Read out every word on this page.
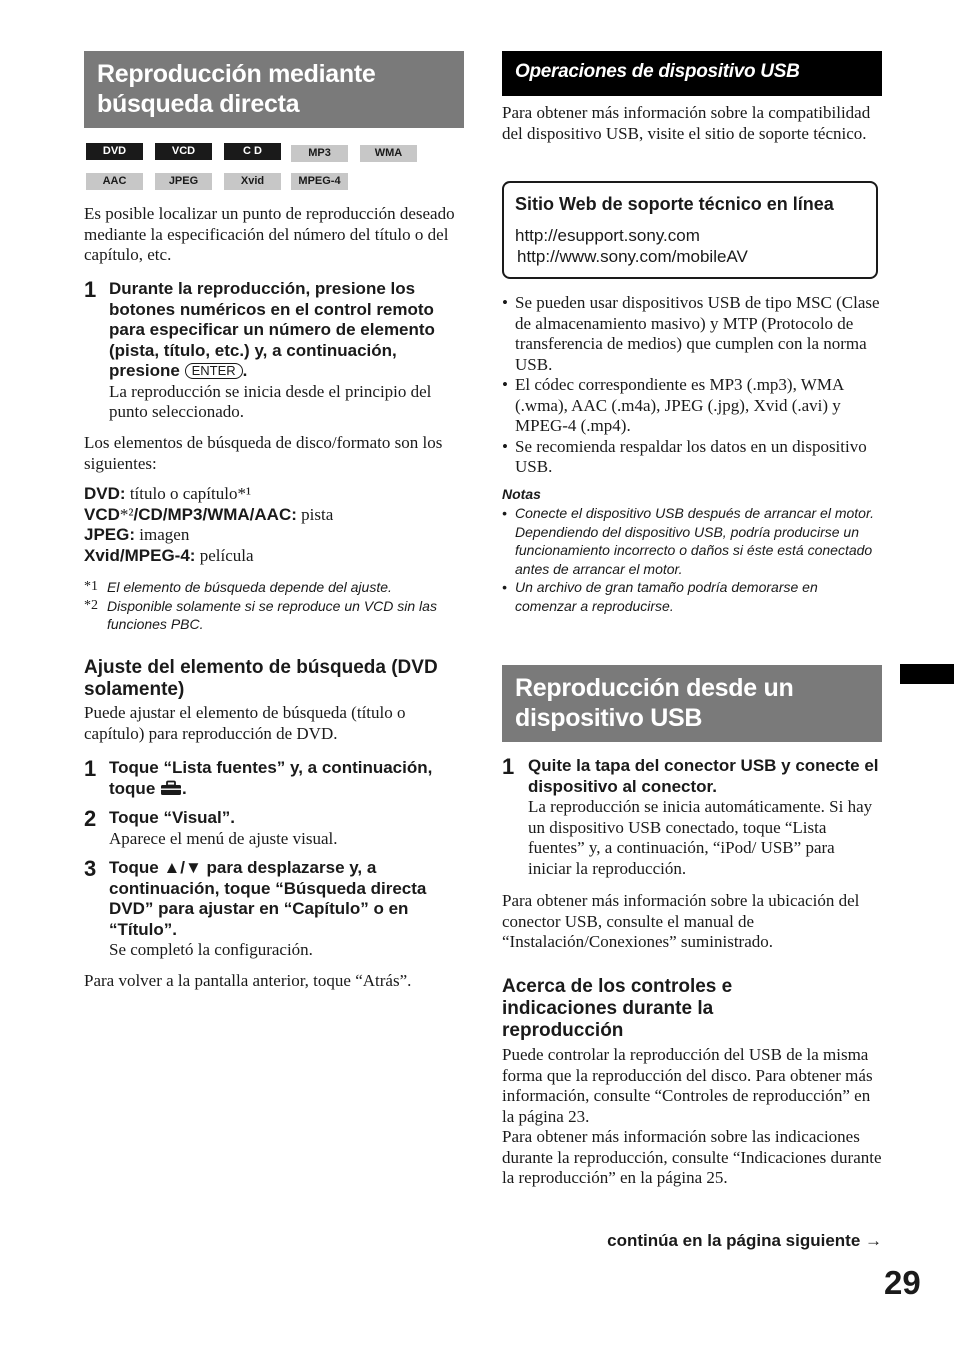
Reproducción mediante
búsqueda directa
DVD	VCD	C D	MP3	WMA
AAC	JPEG	Xvid	MPEG-4

Es posible localizar un punto de reproducción deseado mediante la especificación del número del título o del capítulo, etc.

1 Durante la reproducción, presione los botones numéricos en el control remoto para especificar un número de elemento (pista, título, etc.) y, a continuación, presione ENTER .
La reproducción se inicia desde el principio del punto seleccionado.

Los elementos de búsqueda de disco/formato son los siguientes:

DVD: título o capítulo*¹
VCD*²/CD/MP3/WMA/AAC: pista
JPEG: imagen
Xvid/MPEG-4: película
*1 El elemento de búsqueda depende del ajuste.
*2 Disponible solamente si se reproduce un VCD sin las funciones PBC.
Ajuste del elemento de búsqueda (DVD solamente)

Puede ajustar el elemento de búsqueda (título o capítulo) para reproducción de DVD.

1 Toque “Lista fuentes” y, a continuación, toque .
2 Toque “Visual”.
Aparece el menú de ajuste visual.
3 Toque ▲/▼ para desplazarse y, a continuación, toque “Búsqueda directa DVD” para ajustar en “Capítulo” o en “Título”.
Se completó la configuración.

Para volver a la pantalla anterior, toque “Atrás”.

Operaciones de dispositivo USB

Para obtener más información sobre la compatibilidad del dispositivo USB, visite el sitio de soporte técnico.

Sitio Web de soporte técnico en línea
http://esupport.sony.com
http://www.sony.com/mobileAV
• Se pueden usar dispositivos USB de tipo MSC (Clase de almacenamiento masivo) y MTP (Protocolo de transferencia de medios) que cumplen con la norma USB.
• El códec correspondiente es MP3 (.mp3), WMA (.wma), AAC (.m4a), JPEG (.jpg), Xvid (.avi) y MPEG-4 (.mp4).
• Se recomienda respaldar los datos en un dispositivo USB.
Notas
• Conecte el dispositivo USB después de arrancar el motor. Dependiendo del dispositivo USB, podría producirse un funcionamiento incorrecto o daños si éste está conectado antes de arrancar el motor.
• Un archivo de gran tamaño podría demorarse en comenzar a reproducirse.
Reproducción desde un
dispositivo USB
1 Quite la tapa del conector USB y conecte el dispositivo al conector.
La reproducción se inicia automáticamente. Si hay un dispositivo USB conectado, toque “Lista fuentes” y, a continuación, “iPod/ USB” para iniciar la reproducción.

Para obtener más información sobre la ubicación del conector USB, consulte el manual de “Instalación/Conexiones” suministrado.

Acerca de los controles e indicaciones durante la reproducción

Puede controlar la reproducción del USB de la misma forma que la reproducción del disco. Para obtener más información, consulte “Controles de reproducción” en la página 23.

Para obtener más información sobre las indicaciones durante la reproducción, consulte “Indicaciones durante la reproducción” en la página 25.

continúa en la página siguiente →
29
